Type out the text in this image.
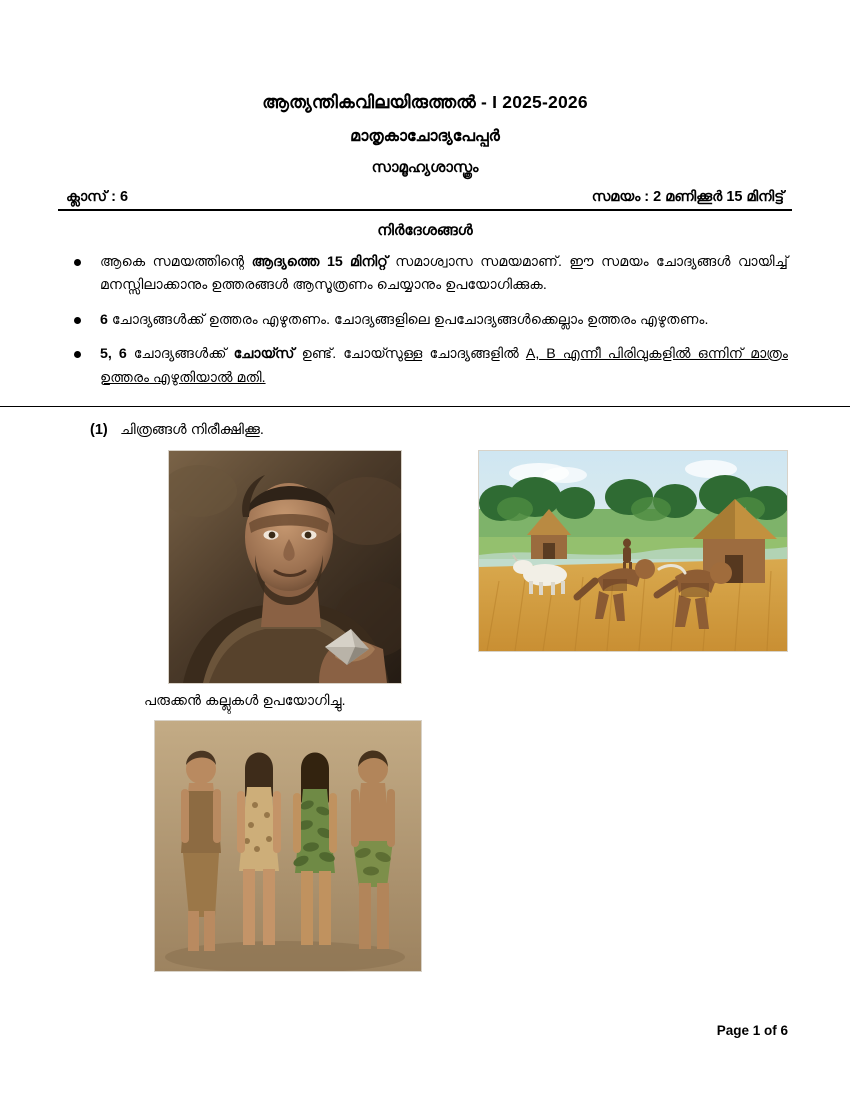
ആത്യന്തികവിലയിരുത്തൽ - I 2025-2026
മാതൃകാചോദ്യപേപ്പർ
സാമൂഹ്യശാസ്ത്രം
ക്ലാസ് : 6	സമയം : 2 മണിക്കൂർ 15 മിനിട്ട്
നിർദേശങ്ങൾ
ആകെ സമയത്തിന്റെ ആദ്യത്തെ 15 മിനിറ്റ് സമാശ്വാസ സമയമാണ്. ഈ സമയം ചോദ്യങ്ങൾ വായിച്ച് മനസ്സിലാക്കാനും ഉത്തരങ്ങൾ ആസൂത്രണം ചെയ്യാനും ഉപയോഗിക്കുക.
6 ചോദ്യങ്ങൾക്ക് ഉത്തരം എഴുതണം. ചോദ്യങ്ങളിലെ ഉപചോദ്യങ്ങൾക്കെല്ലാം ഉത്തരം എഴുതണം.
5, 6 ചോദ്യങ്ങൾക്ക് ചോയ്സ് ഉണ്ട്. ചോയ്സുള്ള ചോദ്യങ്ങളിൽ A, B എന്നീ പിരിവുകളിൽ ഒന്നിന് മാത്രം ഉത്തരം എഴുതിയാൽ മതി.
(1) ചിത്രങ്ങൾ നിരീക്ഷിക്കൂ.
പരുക്കൻ കല്ലുകൾ ഉപയോഗിച്ചു.
Page 1 of 6
